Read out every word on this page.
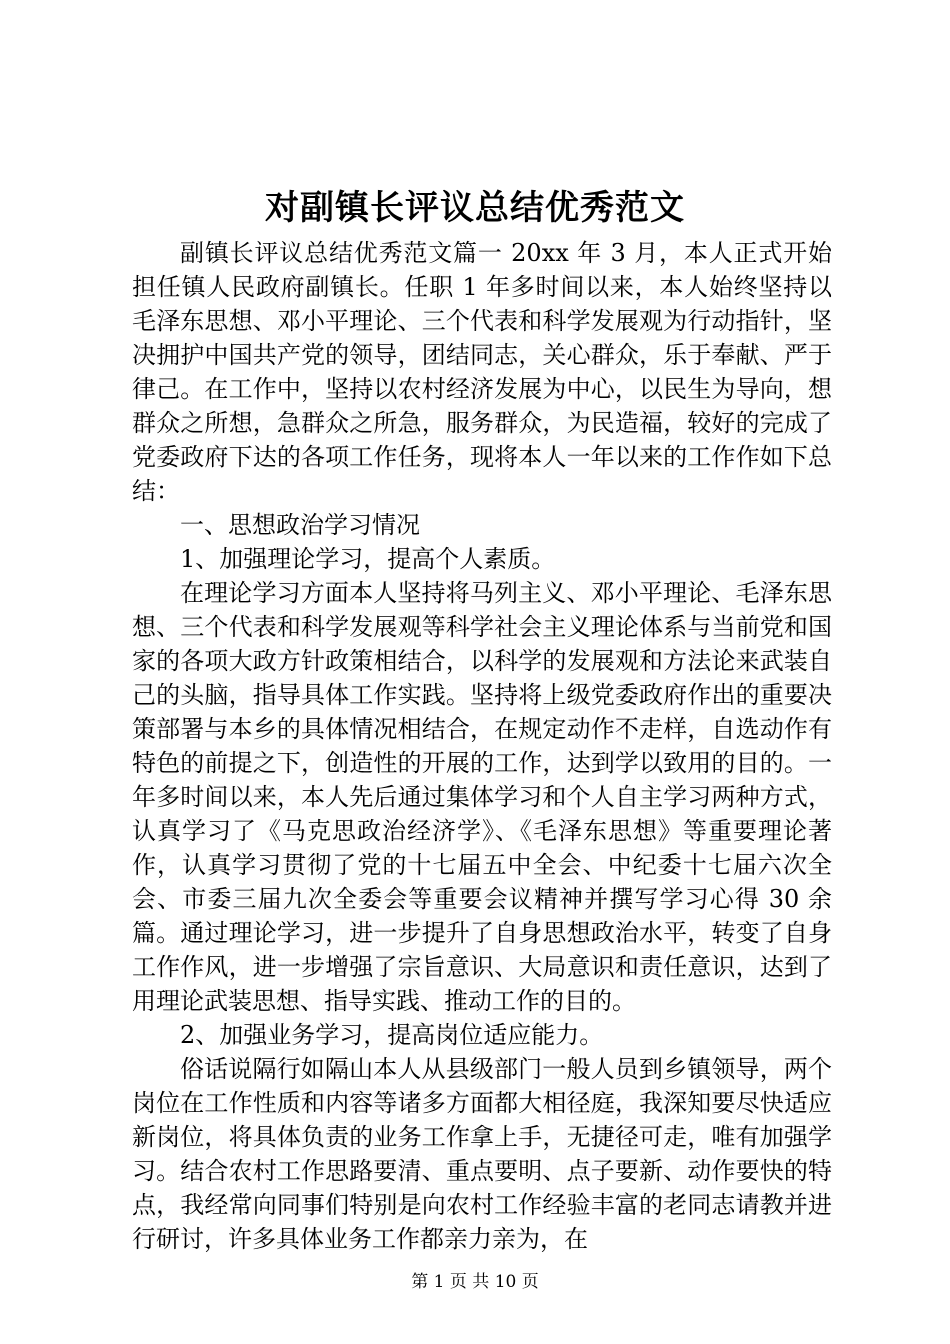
对副镇长评议总结优秀范文

副镇长评议总结优秀范文篇一 20xx 年 3 月，本人正式开始担任镇人民政府副镇长。任职 1 年多时间以来，本人始终坚持以毛泽东思想、邓小平理论、三个代表和科学发展观为行动指针，坚决拥护中国共产党的领导，团结同志，关心群众，乐于奉献、严于律己。在工作中，坚持以农村经济发展为中心，以民生为导向，想群众之所想，急群众之所急，服务群众，为民造福，较好的完成了党委政府下达的各项工作任务，现将本人一年以来的工作作如下总结：

一、思想政治学习情况

1、加强理论学习，提高个人素质。

在理论学习方面本人坚持将马列主义、邓小平理论、毛泽东思想、三个代表和科学发展观等科学社会主义理论体系与当前党和国家的各项大政方针政策相结合，以科学的发展观和方法论来武装自己的头脑，指导具体工作实践。坚持将上级党委政府作出的重要决策部署与本乡的具体情况相结合，在规定动作不走样，自选动作有特色的前提之下，创造性的开展的工作，达到学以致用的目的。一年多时间以来，本人先后通过集体学习和个人自主学习两种方式，认真学习了《马克思政治经济学》、《毛泽东思想》等重要理论著作，认真学习贯彻了党的十七届五中全会、中纪委十七届六次全会、市委三届九次全委会等重要会议精神并撰写学习心得 30 余篇。通过理论学习，进一步提升了自身思想政治水平，转变了自身工作作风，进一步增强了宗旨意识、大局意识和责任意识，达到了用理论武装思想、指导实践、推动工作的目的。

2、加强业务学习，提高岗位适应能力。

俗话说隔行如隔山本人从县级部门一般人员到乡镇领导，两个岗位在工作性质和内容等诸多方面都大相径庭，我深知要尽快适应新岗位，将具体负责的业务工作拿上手，无捷径可走，唯有加强学习。结合农村工作思路要清、重点要明、点子要新、动作要快的特点，我经常向同事们特别是向农村工作经验丰富的老同志请教并进行研讨，许多具体业务工作都亲力亲为，在

第 1 页 共 10 页
